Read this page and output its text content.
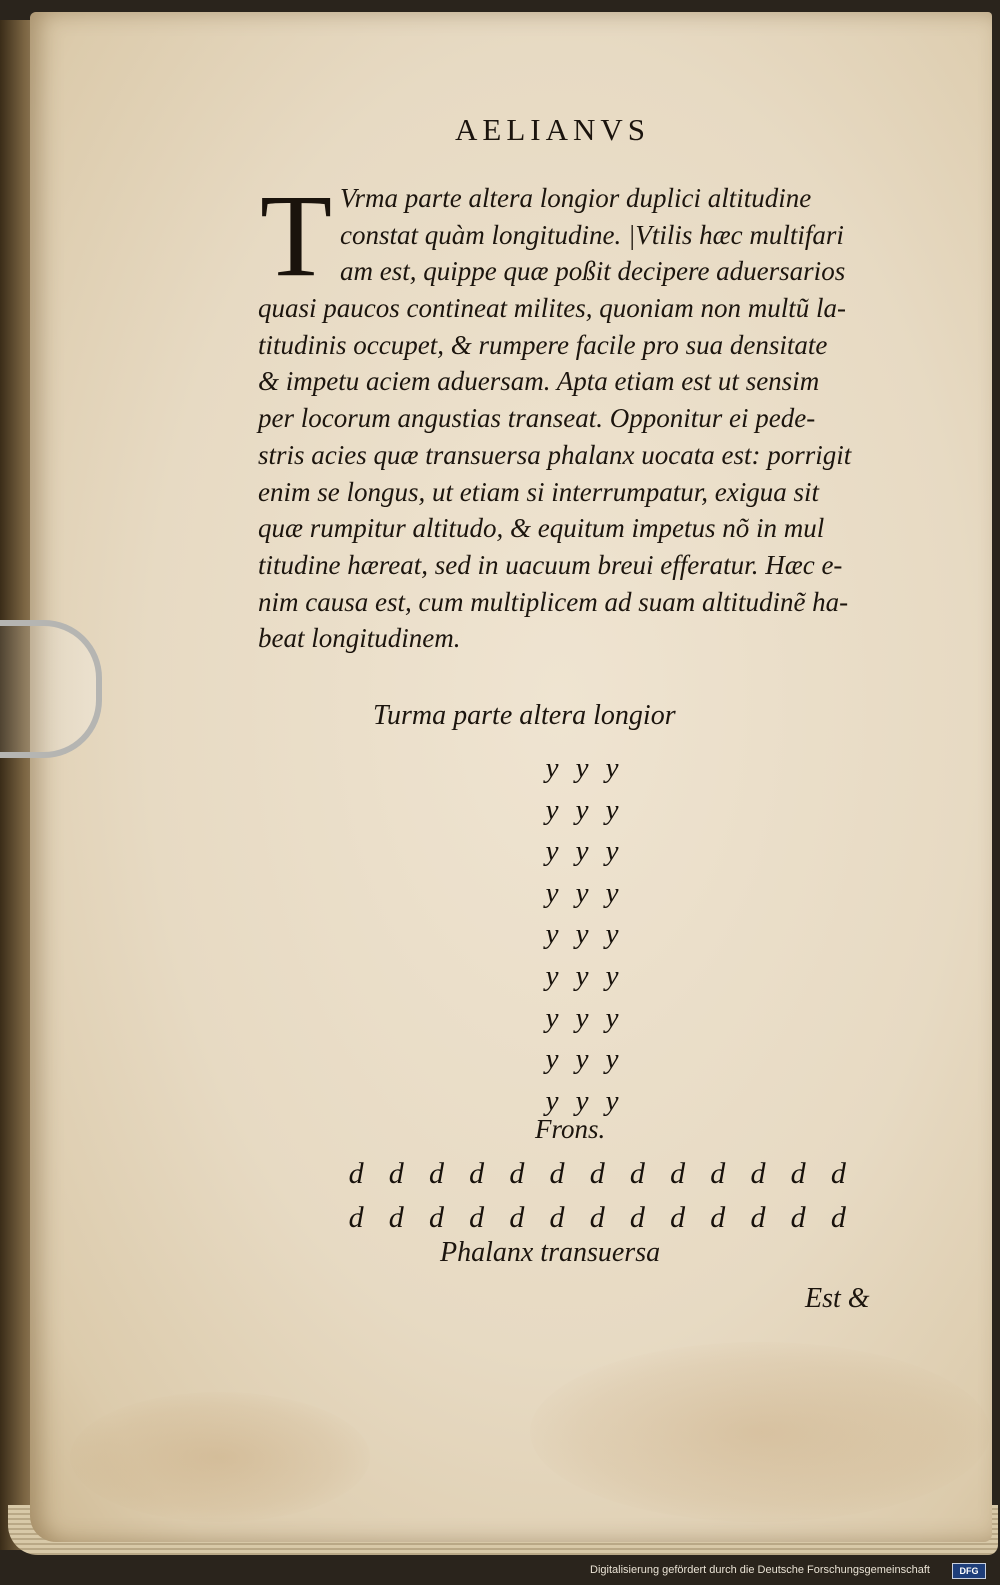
AELIANVS
T Vrma parte altera longior duplici altitudine
constat quàm longitudine. |Vtilis hæc multifari
am est, quippe quæ poßit decipere aduersarios
quasi paucos contineat milites, quoniam non multũ la-
titudinis occupet, & rumpere facile pro sua densitate
& impetu aciem aduersam. Apta etiam est ut sensim
per locorum angustias transeat. Opponitur ei pede-
stris acies quæ transuersa phalanx uocata est: porrigit
enim se longus, ut etiam si interrumpatur, exigua sit
quæ rumpitur altitudo, & equitum impetus nõ in mul
titudine hæreat, sed in uacuum breui efferatur. Hæc e-
nim causa est, cum multiplicem ad suam altitudinẽ ha-
beat longitudinem.
Turma parte altera longior
y y y
y y y
y y y
y y y
y y y
y y y
y y y
y y y
y y y
Frons.
d d d d d d d d d d d d d
d d d d d d d d d d d d d
Phalanx transuersa
Est &
Digitalisierung gefördert durch die Deutsche Forschungsgemeinschaft	DFG
